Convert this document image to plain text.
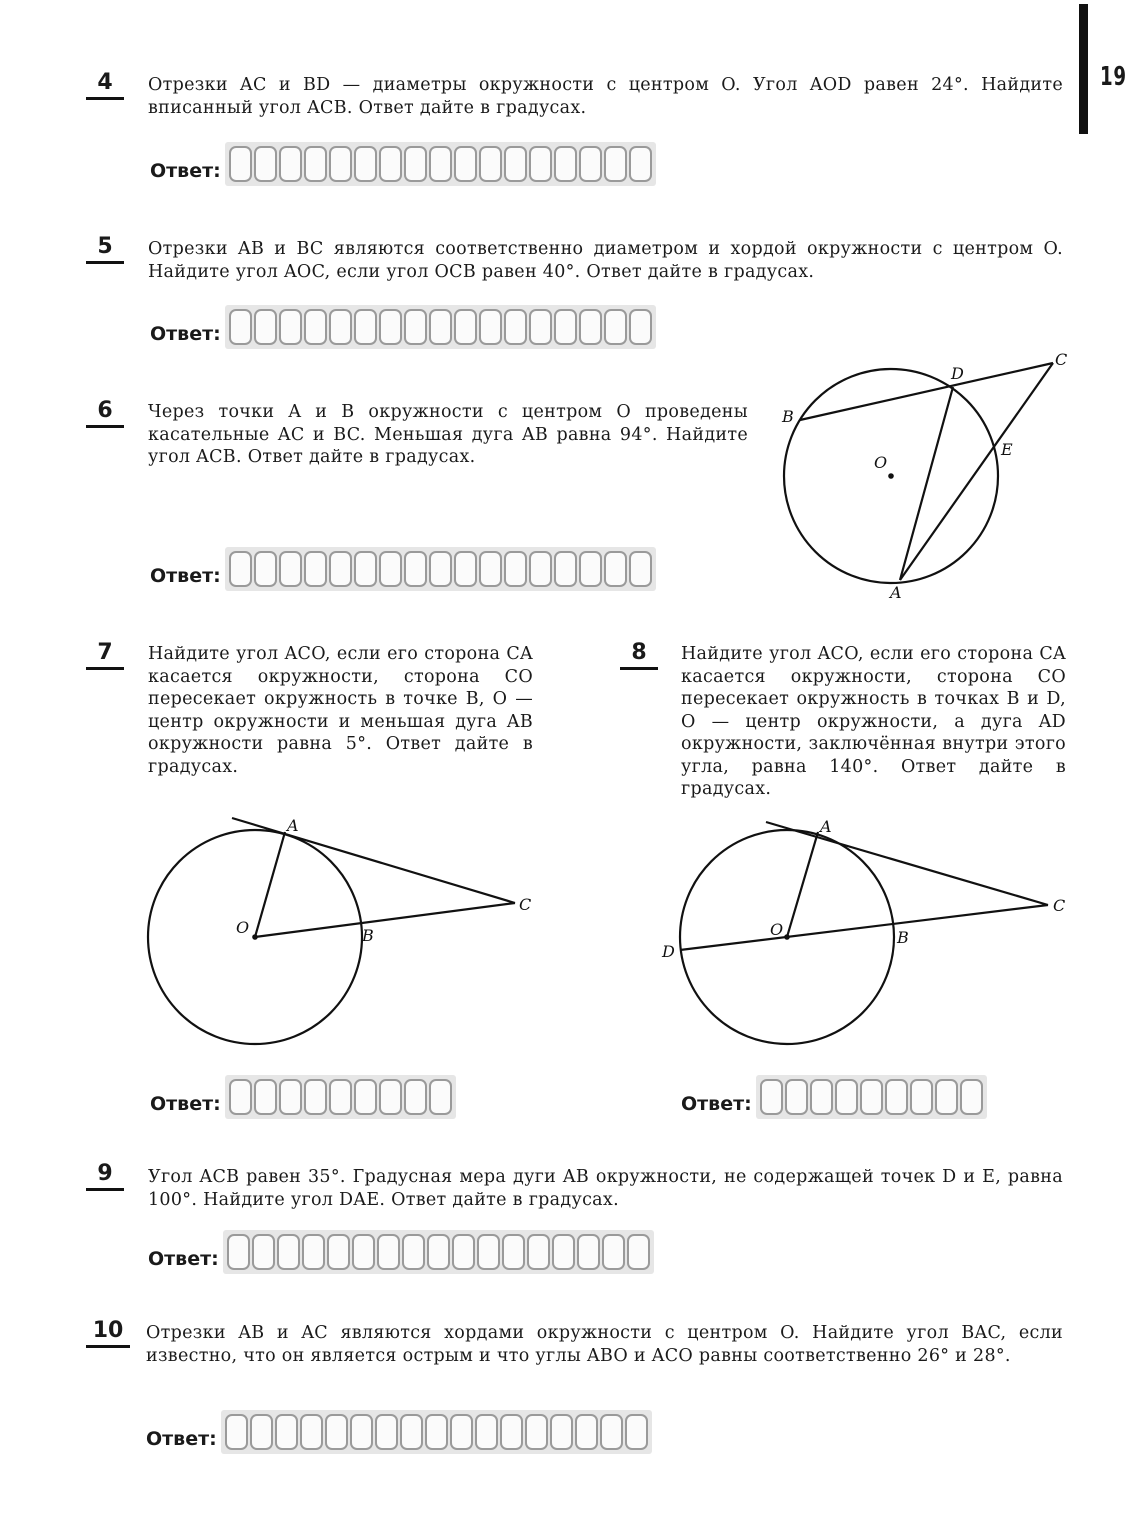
19
4	Отрезки AC и BD — диаметры окружности с центром O. Угол AOD равен 24°. Найдите вписанный угол ACB. Ответ дайте в градусах.
Ответ:
5	Отрезки AB и BC являются соответственно диаметром и хордой окружности с центром O. Найдите угол AOC, если угол OCB равен 40°. Ответ дайте в градусах.
Ответ:
6	Через точки A и B окружности с центром O проведены касательные AC и BC. Меньшая дуга AB равна 94°. Найдите угол ACB. Ответ дайте в градусах.
B
D
C
O
E
A
Ответ:
7	Найдите угол ACO, если его сторона CA касается окружности, сторона CO пересекает окружность в точке B, O — центр окружности и меньшая дуга AB окружности равна 5°. Ответ дайте в градусах.
A
O	B
C
Ответ:
8	Найдите угол ACO, если его сторона CA касается окружности, сторона CO пересекает окружность в точках B и D, O — центр окружности, а дуга AD окружности, заключённая внутри этого угла, равна 140°. Ответ дайте в градусах.
A
O	B
C
D
Ответ:
9	Угол ACB равен 35°. Градусная мера дуги AB окружности, не содержащей точек D и E, равна 100°. Найдите угол DAE. Ответ дайте в градусах.
Ответ:
10	Отрезки AB и AC являются хордами окружности с центром O. Найдите угол BAC, если известно, что он является острым и что углы ABO и ACO равны соответственно 26° и 28°.
Ответ:
